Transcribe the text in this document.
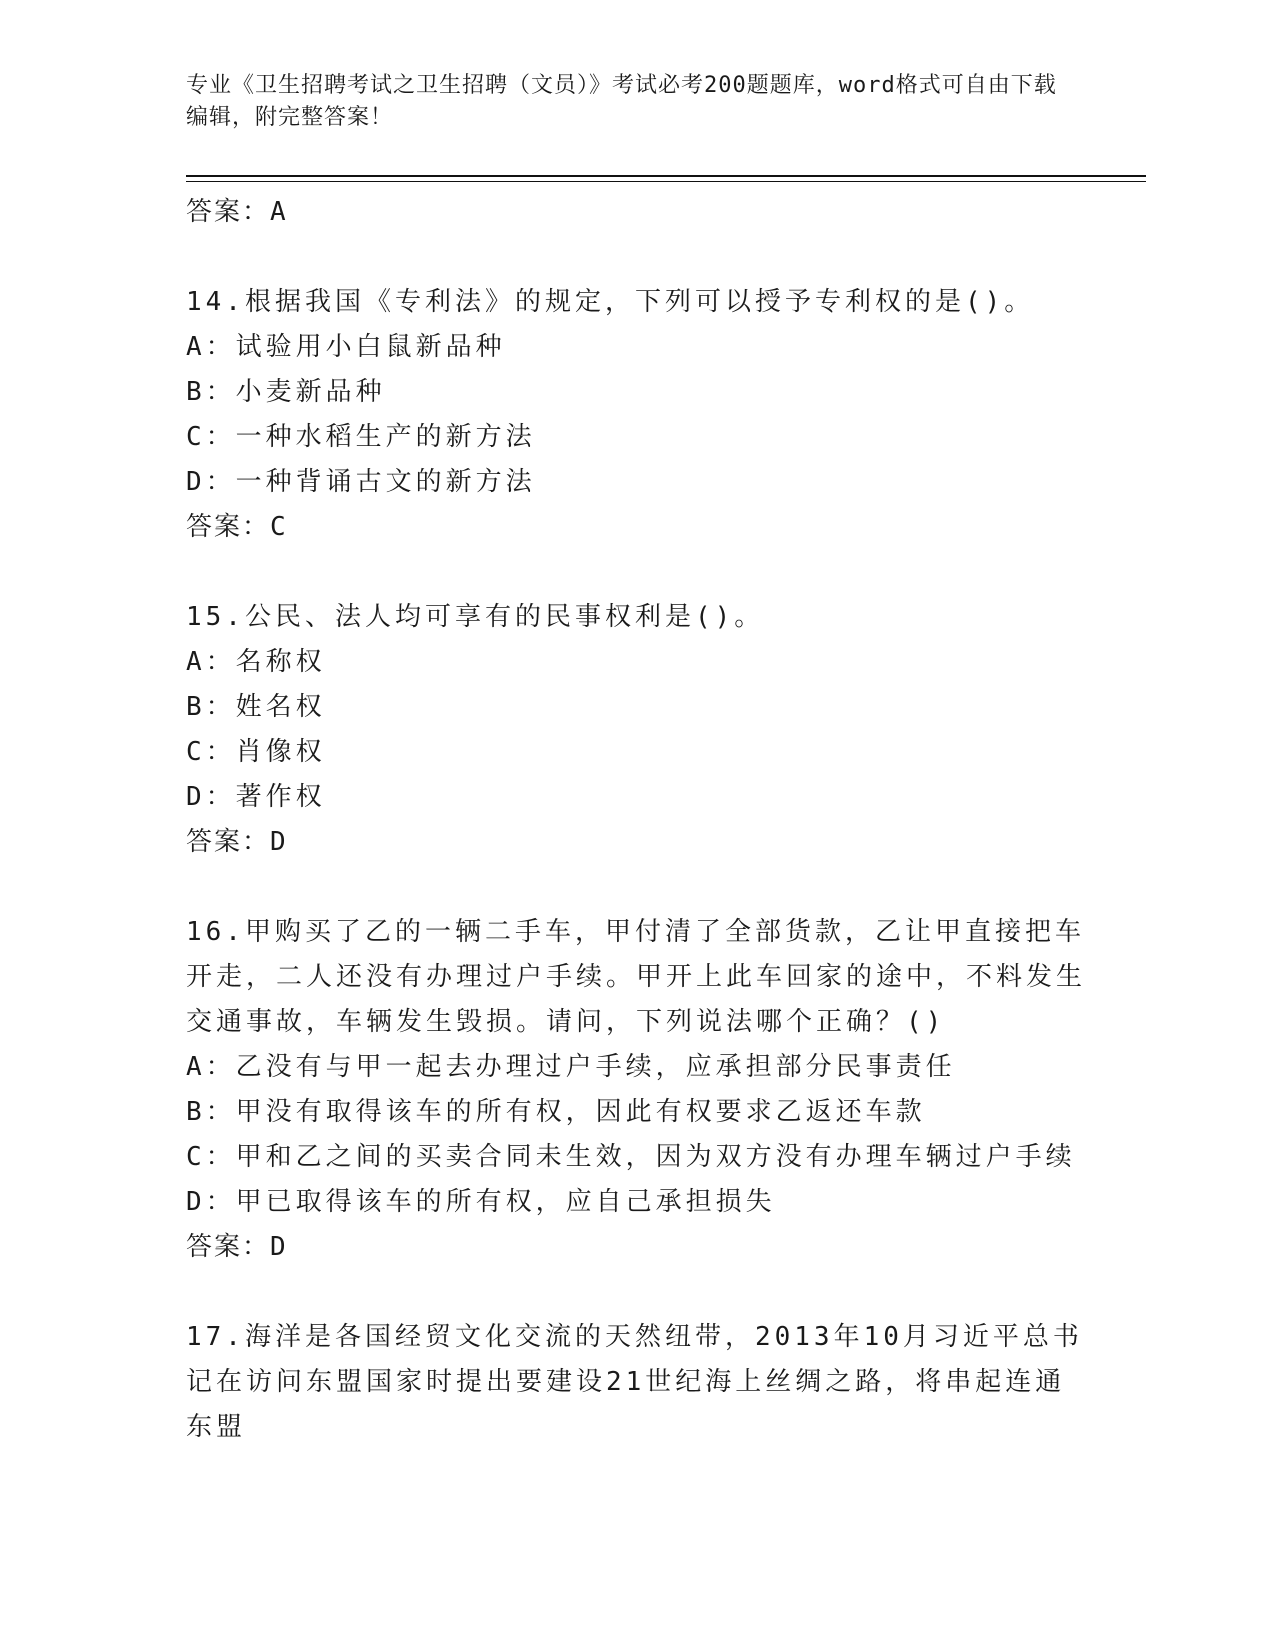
专业《卫生招聘考试之卫生招聘（文员）》考试必考200题题库，word格式可自由下载编辑，附完整答案！
答案：A
14.根据我国《专利法》的规定，下列可以授予专利权的是()。
A：试验用小白鼠新品种
B：小麦新品种
C：一种水稻生产的新方法
D：一种背诵古文的新方法
答案：C
15.公民、法人均可享有的民事权利是()。
A：名称权
B：姓名权
C：肖像权
D：著作权
答案：D
16.甲购买了乙的一辆二手车，甲付清了全部货款，乙让甲直接把车开走，二人还没有办理过户手续。甲开上此车回家的途中，不料发生交通事故，车辆发生毁损。请问，下列说法哪个正确？()
A：乙没有与甲一起去办理过户手续，应承担部分民事责任
B：甲没有取得该车的所有权，因此有权要求乙返还车款
C：甲和乙之间的买卖合同未生效，因为双方没有办理车辆过户手续
D：甲已取得该车的所有权，应自己承担损失
答案：D
17.海洋是各国经贸文化交流的天然纽带，2013年10月习近平总书记在访问东盟国家时提出要建设21世纪海上丝绸之路，将串起连通东盟
